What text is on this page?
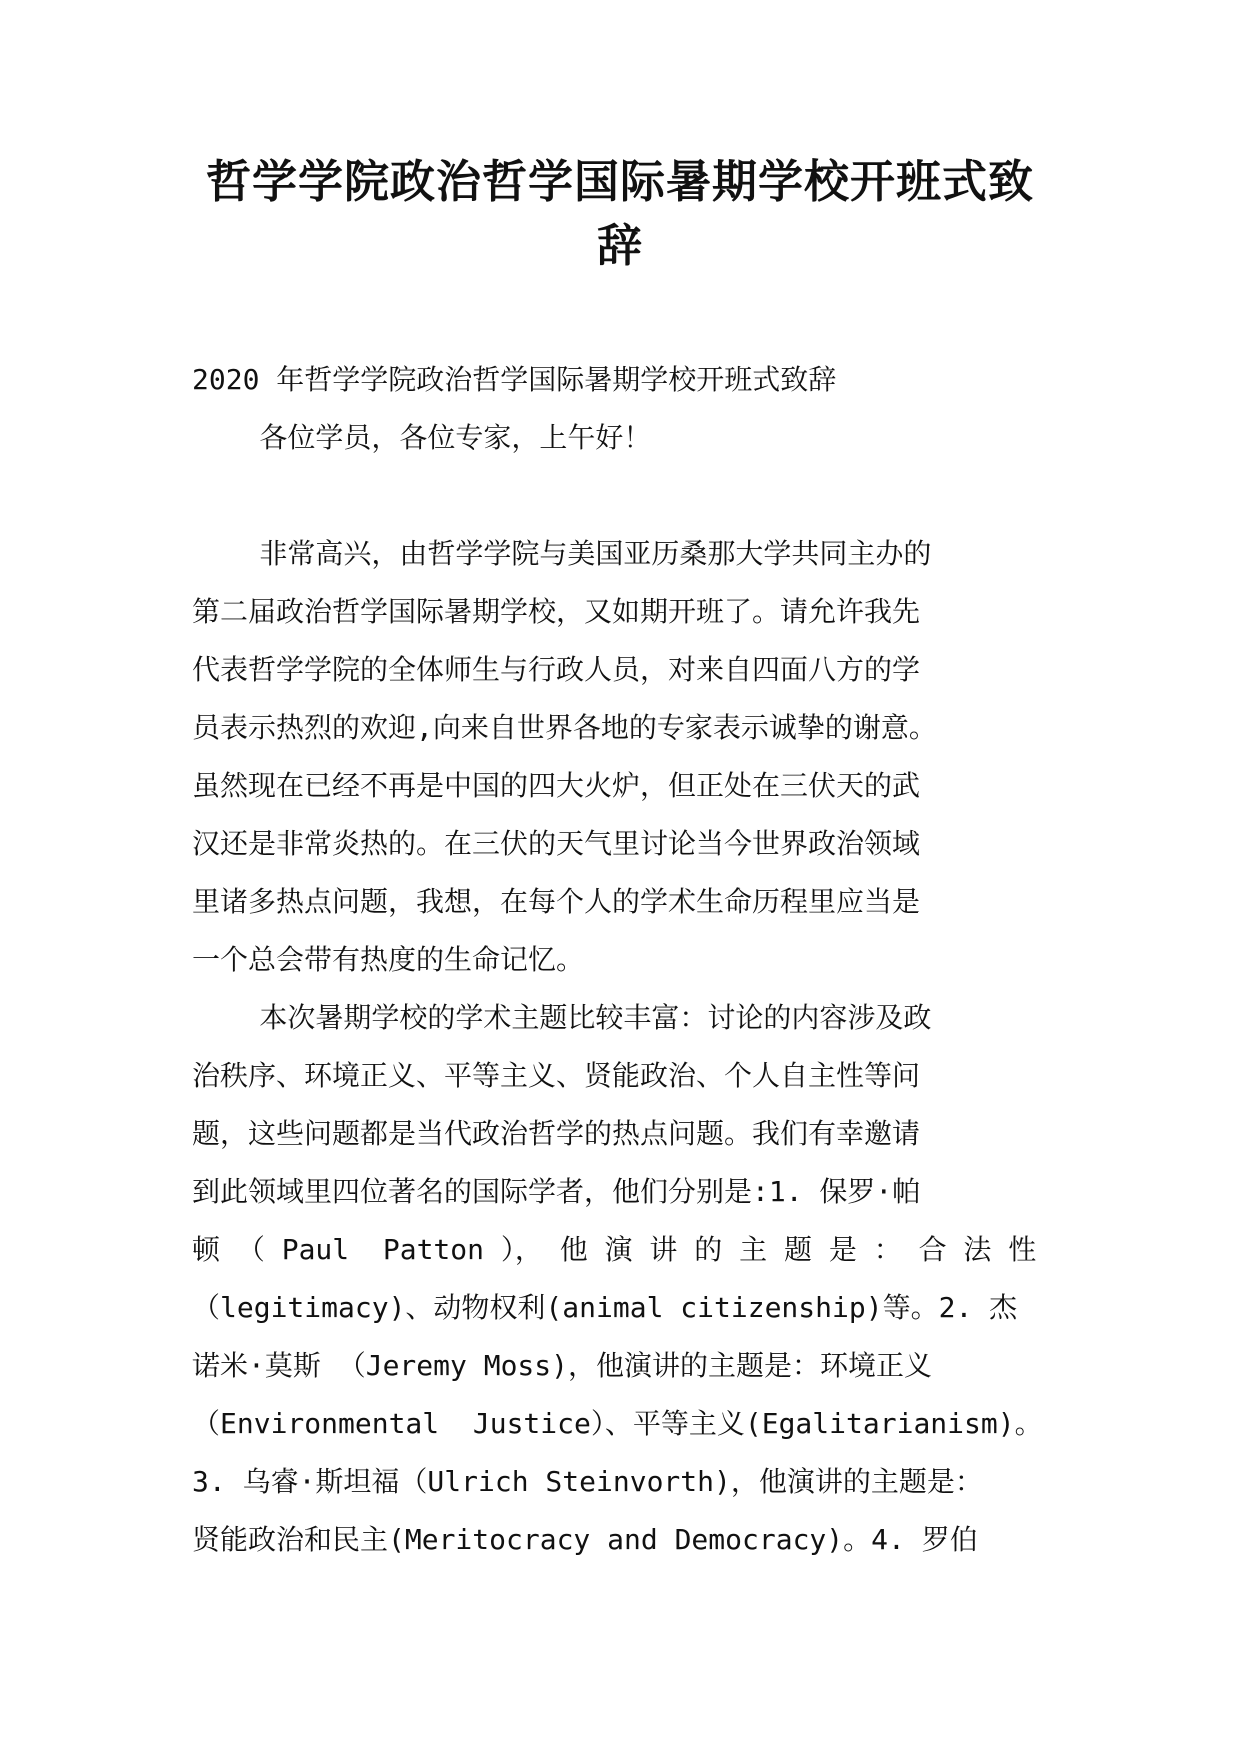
哲学学院政治哲学国际暑期学校开班式致辞
2020 年哲学学院政治哲学国际暑期学校开班式致辞
各位学员，各位专家，上午好！
非常高兴，由哲学学院与美国亚历桑那大学共同主办的
第二届政治哲学国际暑期学校，又如期开班了。请允许我先
代表哲学学院的全体师生与行政人员，对来自四面八方的学
员表示热烈的欢迎,向来自世界各地的专家表示诚挚的谢意。
虽然现在已经不再是中国的四大火炉，但正处在三伏天的武
汉还是非常炎热的。在三伏的天气里讨论当今世界政治领域
里诸多热点问题，我想，在每个人的学术生命历程里应当是
一个总会带有热度的生命记忆。
本次暑期学校的学术主题比较丰富：讨论的内容涉及政
治秩序、环境正义、平等主义、贤能政治、个人自主性等问
题，这些问题都是当代政治哲学的热点问题。我们有幸邀请
到此领域里四位著名的国际学者，他们分别是:1. 保罗·帕
顿 （ Paul  Patton ）， 他 演 讲 的 主 题 是 ： 合 法 性
（legitimacy)、动物权利(animal citizenship)等。2. 杰
诺米·莫斯 （Jeremy Moss)，他演讲的主题是：环境正义
（Environmental  Justice）、平等主义(Egalitarianism)。
3. 乌睿·斯坦福（Ulrich Steinvorth)，他演讲的主题是：
贤能政治和民主(Meritocracy and Democracy)。4. 罗伯
